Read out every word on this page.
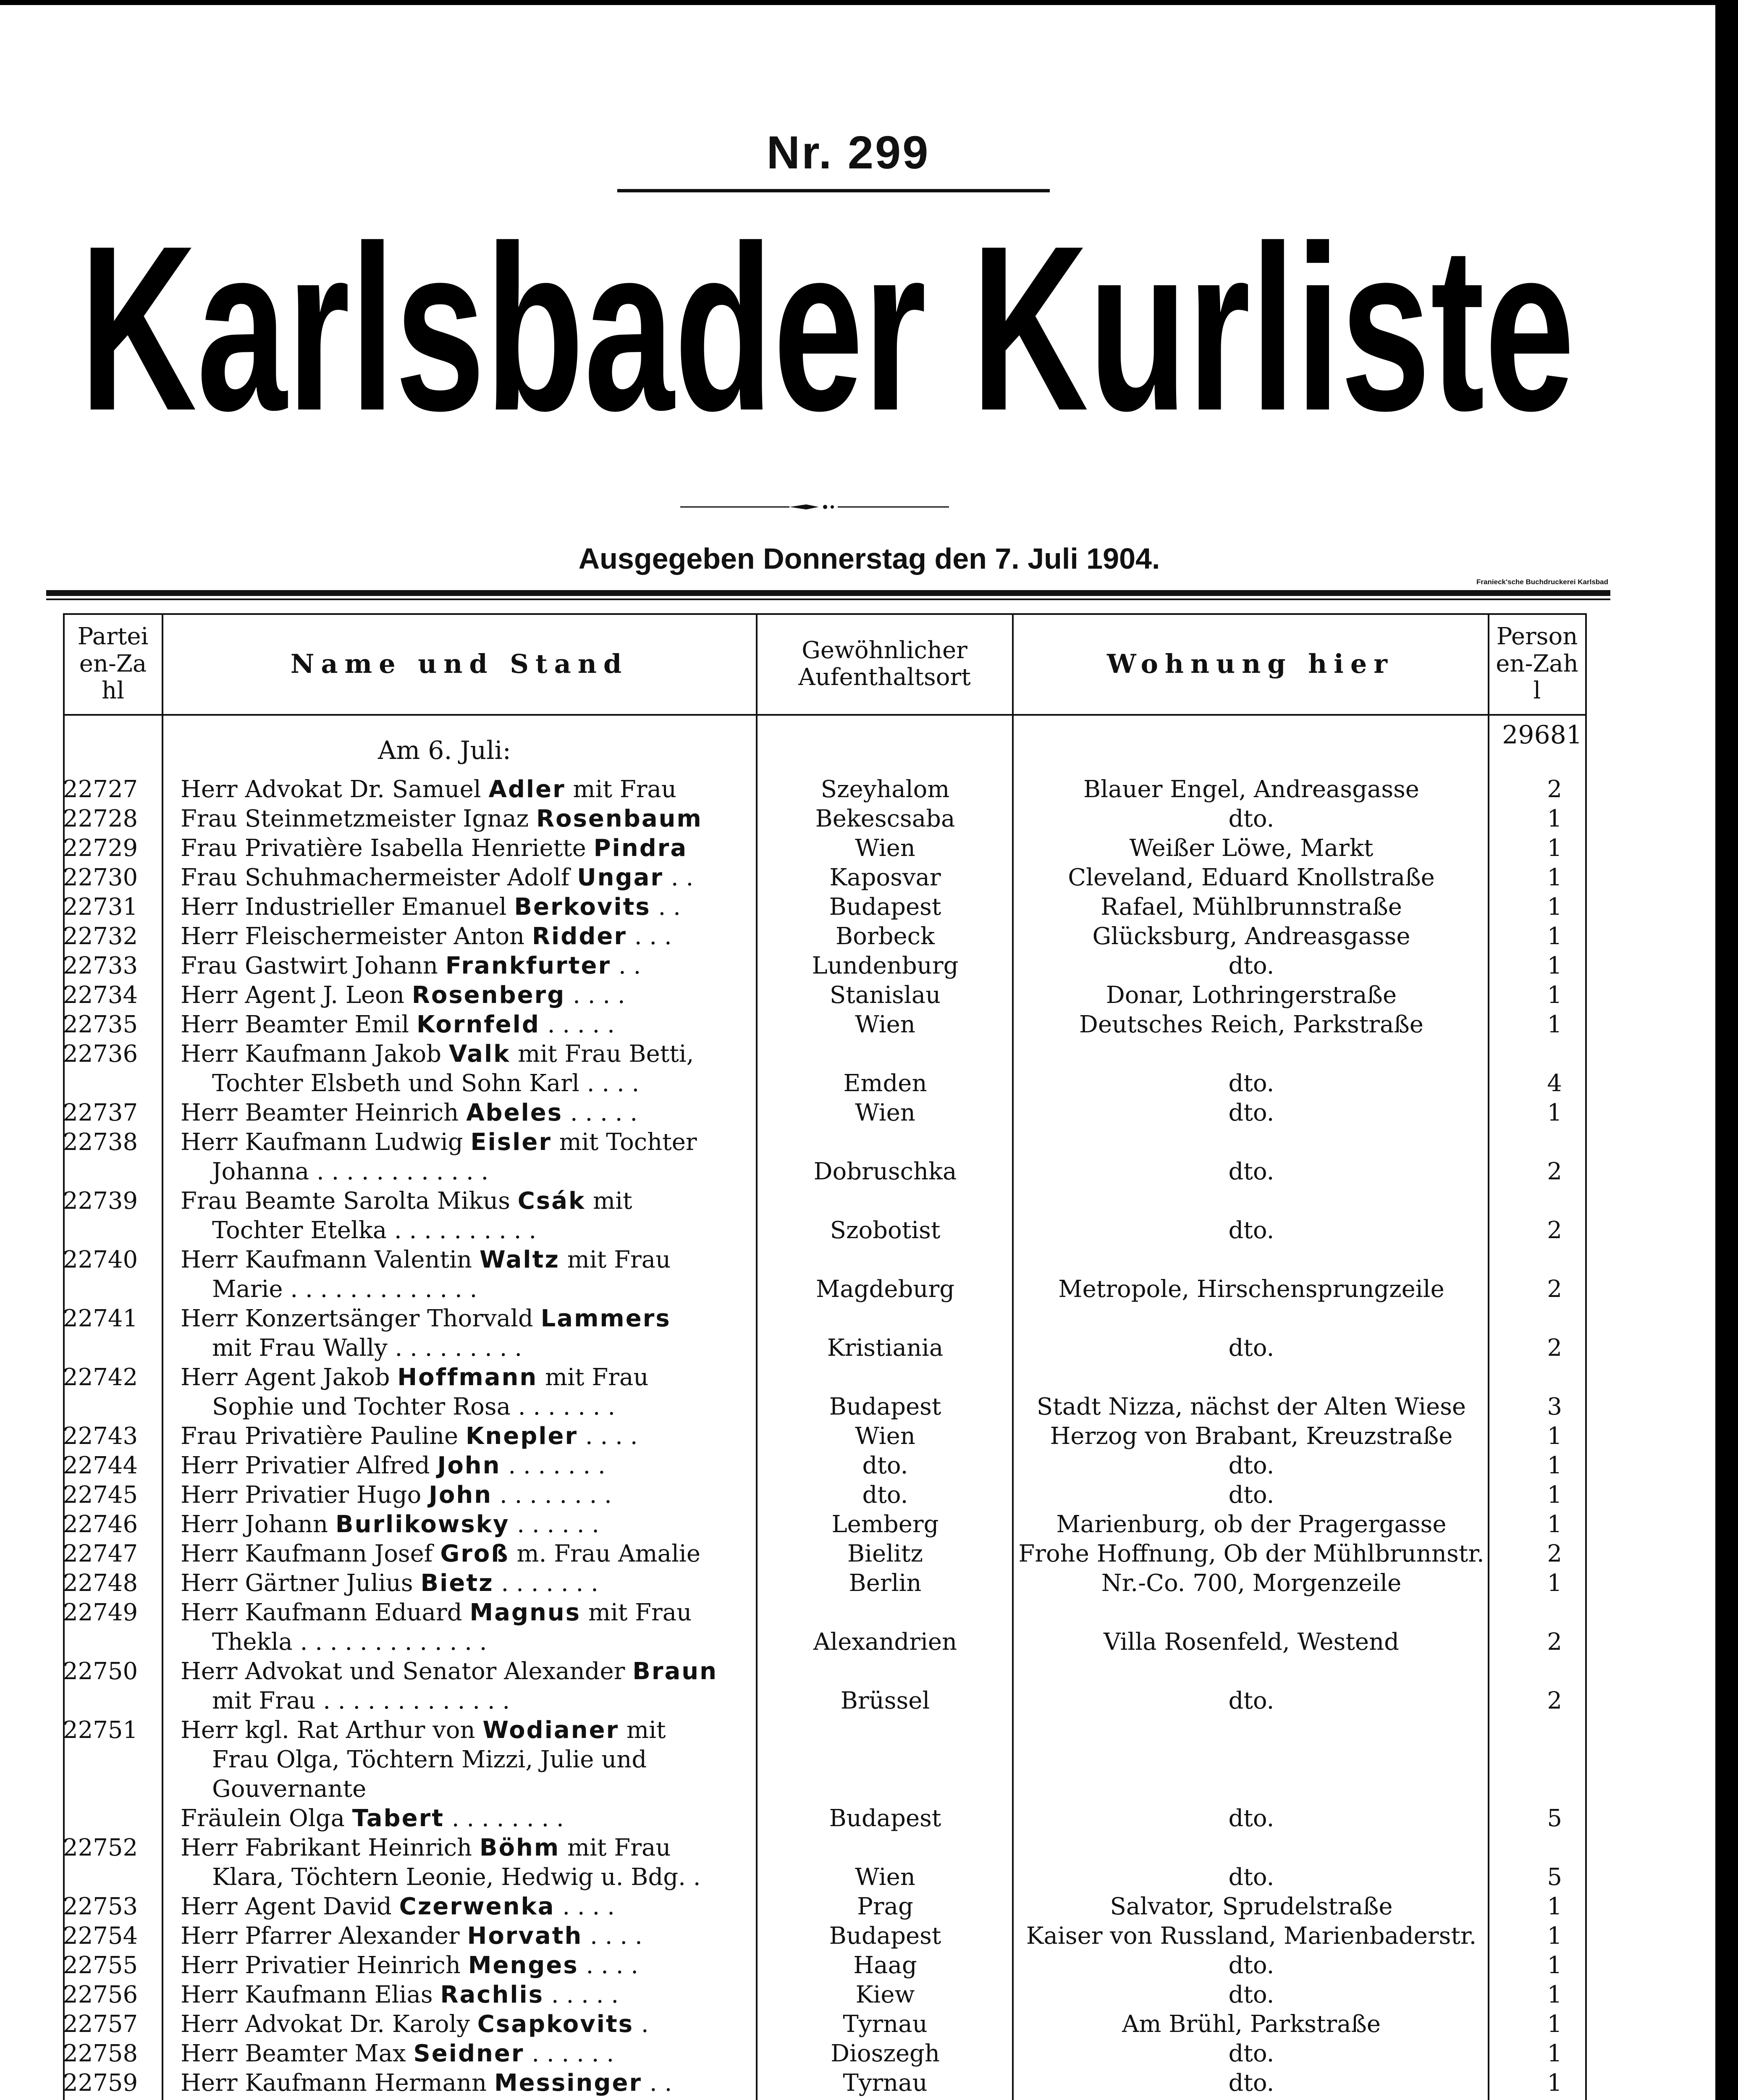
Nr. 299
Karlsbader Kurliste
Ausgegeben Donnerstag den 7. Juli 1904.
Franieck'sche Buchdruckerei Karlsbad
Parteien-Zahl
Name und Stand	Gewöhnlicher Aufenthaltsort	Wohnung hier
Personen-Zahl
Am 6. Juli:
29681
22727	Herr Advokat Dr. Samuel Adler mit Frau	Szeyhalom	Blauer Engel, Andreasgasse	2
22728	Frau Steinmetzmeister Ignaz Rosenbaum	Bekescsaba	dto.	1
22729	Frau Privatière Isabella Henriette Pindra	Wien	Weißer Löwe, Markt	1
22730	Frau Schuhmachermeister Adolf Ungar . .	Kaposvar	Cleveland, Eduard Knollstraße	1
22731	Herr Industrieller Emanuel Berkovits . .	Budapest	Rafael, Mühlbrunnstraße	1
22732	Herr Fleischermeister Anton Ridder . . .	Borbeck	Glücksburg, Andreasgasse	1
22733	Frau Gastwirt Johann Frankfurter . .	Lundenburg	dto.	1
22734	Herr Agent J. Leon Rosenberg . . . .	Stanislau	Donar, Lothringerstraße	1
22735	Herr Beamter Emil Kornfeld . . . . .	Wien	Deutsches Reich, Parkstraße	1
22736	Herr Kaufmann Jakob Valk mit Frau Betti,
Tochter Elsbeth und Sohn Karl . . . .	Emden	dto.	4
22737	Herr Beamter Heinrich Abeles . . . . .	Wien	dto.	1
22738	Herr Kaufmann Ludwig Eisler mit Tochter
Johanna . . . . . . . . . . . .	Dobruschka	dto.	2
22739	Frau Beamte Sarolta Mikus Csák mit
Tochter Etelka . . . . . . . . . .	Szobotist	dto.	2
22740	Herr Kaufmann Valentin Waltz mit Frau
Marie . . . . . . . . . . . . .	Magdeburg	Metropole, Hirschensprungzeile	2
22741	Herr Konzertsänger Thorvald Lammers
mit Frau Wally . . . . . . . . .	Kristiania	dto.	2
22742	Herr Agent Jakob Hoffmann mit Frau
Sophie und Tochter Rosa . . . . . . .	Budapest	Stadt Nizza, nächst der Alten Wiese	3
22743	Frau Privatière Pauline Knepler . . . .	Wien	Herzog von Brabant, Kreuzstraße	1
22744	Herr Privatier Alfred John . . . . . . .	dto.	dto.	1
22745	Herr Privatier Hugo John . . . . . . . .	dto.	dto.	1
22746	Herr Johann Burlikowsky . . . . . .	Lemberg	Marienburg, ob der Pragergasse	1
22747	Herr Kaufmann Josef Groß m. Frau Amalie	Bielitz	Frohe Hoffnung, Ob der Mühlbrunnstr.	2
22748	Herr Gärtner Julius Bietz . . . . . . .	Berlin	Nr.-Co. 700, Morgenzeile	1
22749	Herr Kaufmann Eduard Magnus mit Frau
Thekla . . . . . . . . . . . . .	Alexandrien	Villa Rosenfeld, Westend	2
22750	Herr Advokat und Senator Alexander Braun
mit Frau . . . . . . . . . . . . .	Brüssel	dto.	2
22751	Herr kgl. Rat Arthur von Wodianer mit
Frau Olga, Töchtern Mizzi, Julie und
Gouvernante
Fräulein Olga Tabert . . . . . . . .	Budapest	dto.	5
22752	Herr Fabrikant Heinrich Böhm mit Frau
Klara, Töchtern Leonie, Hedwig u. Bdg. .	Wien	dto.	5
22753	Herr Agent David Czerwenka . . . .	Prag	Salvator, Sprudelstraße	1
22754	Herr Pfarrer Alexander Horvath . . . .	Budapest	Kaiser von Russland, Marienbaderstr.	1
22755	Herr Privatier Heinrich Menges . . . .	Haag	dto.	1
22756	Herr Kaufmann Elias Rachlis . . . . .	Kiew	dto.	1
22757	Herr Advokat Dr. Karoly Csapkovits .	Tyrnau	Am Brühl, Parkstraße	1
22758	Herr Beamter Max Seidner . . . . . .	Dioszegh	dto.	1
22759	Herr Kaufmann Hermann Messinger . .	Tyrnau	dto.	1
